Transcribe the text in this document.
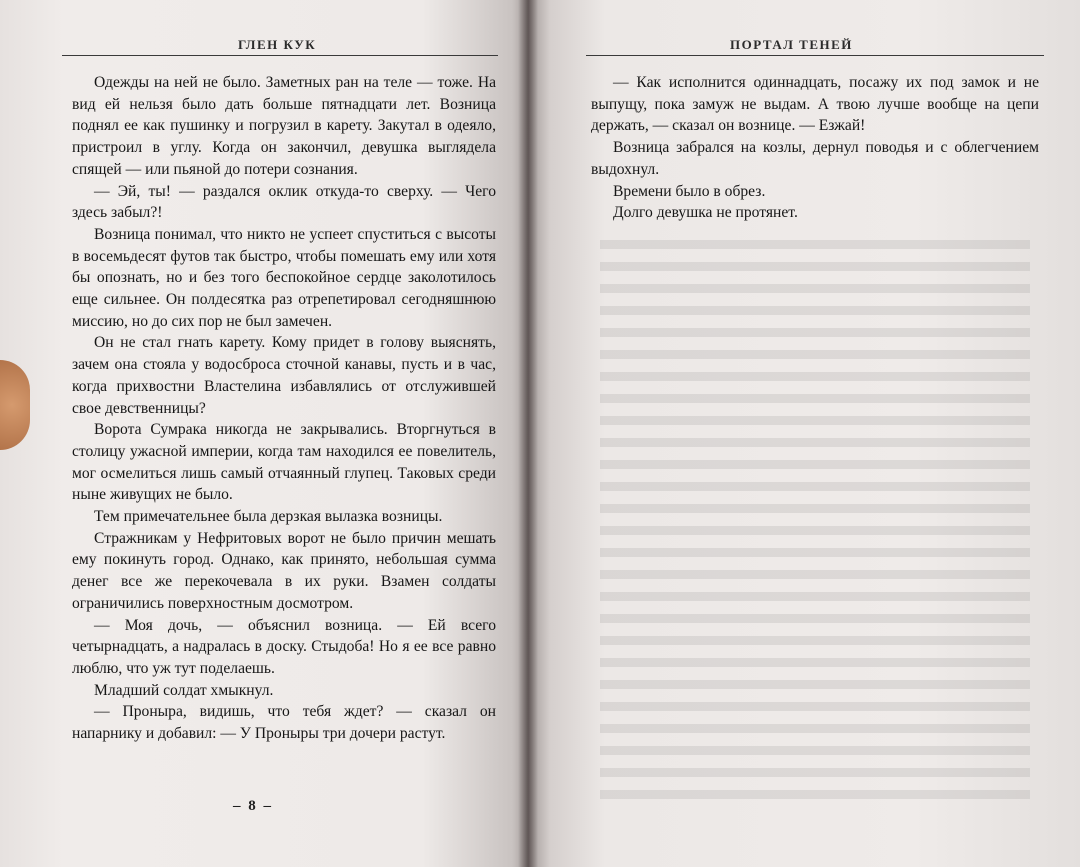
ГЛЕН КУК

Одежды на ней не было. Заметных ран на теле — тоже. На вид ей нельзя было дать больше пятнадцати лет. Возница поднял ее как пушинку и погрузил в карету. Закутал в одеяло, пристроил в углу. Когда он закончил, девушка выглядела спящей — или пьяной до потери сознания.

— Эй, ты! — раздался оклик откуда-то сверху. — Чего здесь забыл?!

Возница понимал, что никто не успеет спуститься с высоты в восемьдесят футов так быстро, чтобы помешать ему или хотя бы опознать, но и без того беспокойное сердце заколотилось еще сильнее. Он полдесятка раз отрепетировал сегодняшнюю миссию, но до сих пор не был замечен.

Он не стал гнать карету. Кому придет в голову выяснять, зачем она стояла у водосброса сточной канавы, пусть и в час, когда прихвостни Властелина избавлялись от отслужившей свое девственницы?

Ворота Сумрака никогда не закрывались. Вторгнуться в столицу ужасной империи, когда там находился ее повелитель, мог осмелиться лишь самый отчаянный глупец. Таковых среди ныне живущих не было.

Тем примечательнее была дерзкая вылазка возницы.

Стражникам у Нефритовых ворот не было причин мешать ему покинуть город. Однако, как принято, небольшая сумма денег все же перекочевала в их руки. Взамен солдаты ограничились поверхностным досмотром.

— Моя дочь, — объяснил возница. — Ей всего четырнадцать, а надралась в доску. Стыдоба! Но я ее все равно люблю, что уж тут поделаешь.

Младший солдат хмыкнул.

— Проныра, видишь, что тебя ждет? — сказал он напарнику и добавил: — У Проныры три дочери растут.

– 8 –
ПОРТАЛ ТЕНЕЙ

— Как исполнится одиннадцать, посажу их под замок и не выпущу, пока замуж не выдам. А твою лучше вообще на цепи держать, — сказал он вознице. — Езжай!

Возница забрался на козлы, дернул поводья и с облегчением выдохнул.

Времени было в обрез.

Долго девушка не протянет.
